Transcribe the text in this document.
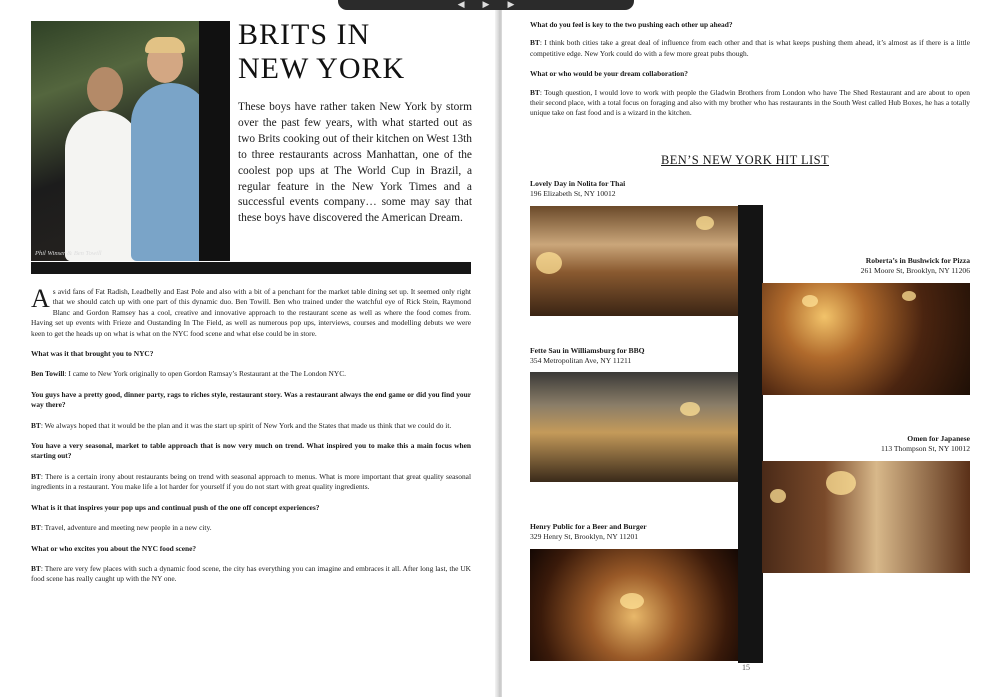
Phil Winser & Ben Towill
BRITS IN
NEW YORK
These boys have rather taken New York by storm over the past few years, with what started out as two Brits cooking out of their kitchen on West 13th to three restaurants across Manhattan, one of the coolest pop ups at The World Cup in Brazil, a regular feature in the New York Times and a successful events company… some may say that these boys have discovered the American Dream.

As avid fans of Fat Radish, Leadbelly and East Pole and also with a bit of a penchant for the market table dining set up. It seemed only right that we should catch up with one part of this dynamic duo. Ben Towill. Ben who trained under the watchful eye of Rick Stein, Raymond Blanc and Gordon Ramsey has a cool, creative and innovative approach to the restaurant scene as well as where the food comes from. Having set up events with Frieze and Oustanding In The Field, as well as numerous pop ups, interviews, courses and modelling debuts we were keen to get the heads up on what is what on the NYC food scene and what else could be in store.

What was it that brought you to NYC?

Ben Towill: I came to New York originally to open Gordon Ramsay’s Restaurant at the The London NYC.

You guys have a pretty good, dinner party, rags to riches style, restaurant story. Was a restaurant always the end game or did you find your way there?

BT: We always hoped that it would be the plan and it was the start up spirit of New York and the States that made us think that we could do it.

You have a very seasonal, market to table approach that is now very much on trend. What inspired you to make this a main focus when starting out?

BT: There is a certain irony about restaurants being on trend with seasonal approach to menus. What is more important that great quality seasonal ingredients in a restaurant. You make life a lot harder for yourself if you do not start with great quality ingredients.

What is it that inspires your pop ups and continual push of the one off concept experiences?

BT: Travel, adventure and meeting new people in a new city.

What or who excites you about the NYC food scene?

BT: There are very few places with such a dynamic food scene, the city has everything you can imagine and embraces it all. After long last, the UK food scene has really caught up with the NY one.

What do you feel is key to the two pushing each other up ahead?

BT: I think both cities take a great deal of influence from each other and that is what keeps pushing them ahead, it’s almost as if there is a little competitive edge. New York could do with a few more great pubs though.

What or who would be your dream collaboration?

BT: Tough question, I would love to work with people the Gladwin Brothers from London who have The Shed Restaurant and are about to open their second place, with a total focus on foraging and also with my brother who has restaurants in the South West called Hub Boxes, he has a totally unique take on fast food and is a wizard in the kitchen.

BEN’S NEW YORK HIT LIST
Lovely Day in Nolita for Thai
196 Elizabeth St, NY 10012
Roberta’s in Bushwick for Pizza
261 Moore St, Brooklyn, NY 11206
Fette Sau in Williamsburg for BBQ
354 Metropolitan Ave, NY 11211
Omen for Japanese
113 Thompson St, NY 10012
Henry Public for a Beer and Burger
329 Henry St, Brooklyn, NY 11201
15
◀ ▶ ▶
